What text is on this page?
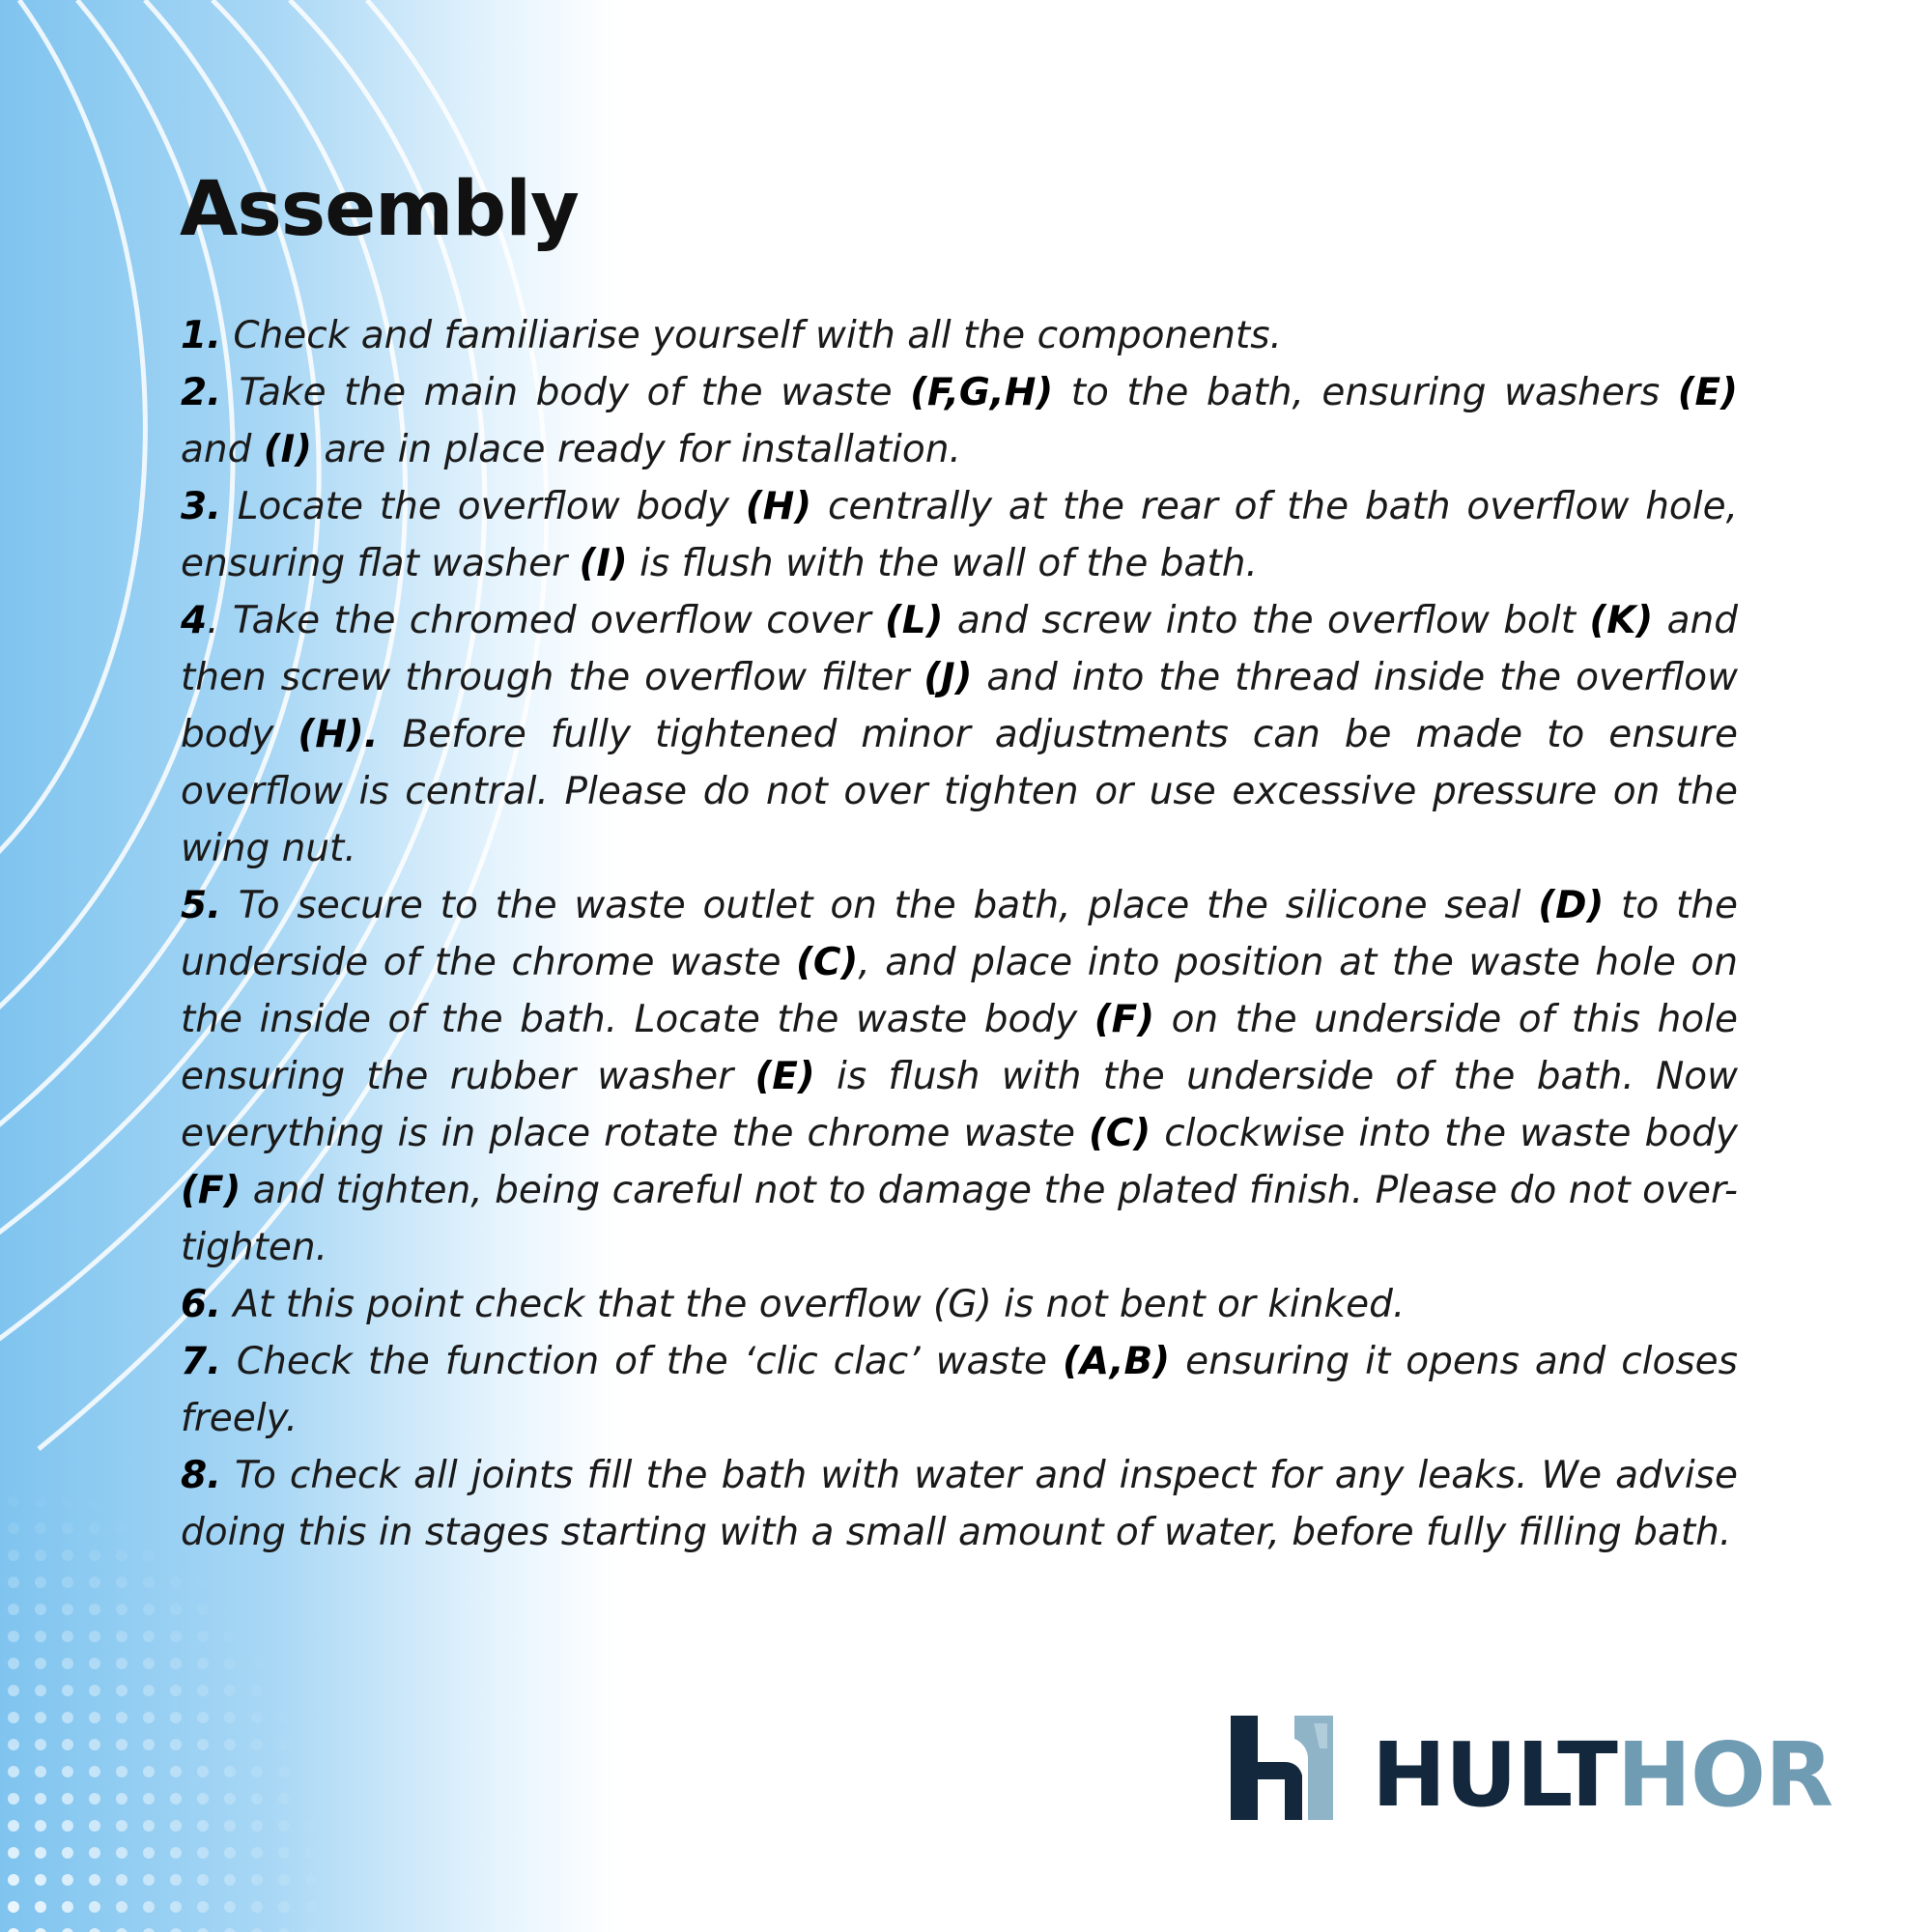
Assembly

1. Check and familiarise yourself with all the components.

2. Take the main body of the waste (F,G,H) to the bath, ensuring washers (E) and (I) are in place ready for installation.

3. Locate the overflow body (H) centrally at the rear of the bath overflow hole, ensuring flat washer (I) is flush with the wall of the bath.

4. Take the chromed overflow cover (L) and screw into the overflow bolt (K) and then screw through the overflow filter (J) and into the thread inside the overflow body (H). Before fully tightened minor adjustments can be made to ensure overflow is central. Please do not over tighten or use excessive pressure on the wing nut.

5. To secure to the waste outlet on the bath, place the silicone seal (D) to the underside of the chrome waste (C), and place into position at the waste hole on the inside of the bath. Locate the waste body (F) on the underside of this hole ensuring the rubber washer (E) is flush with the underside of the bath. Now everything is in place rotate the chrome waste (C) clockwise into the waste body (F) and tighten, being careful not to damage the plated finish. Please do not over-tighten.

6. At this point check that the overflow (G) is not bent or kinked.

7. Check the function of the ‘clic clac’ waste (A,B) ensuring it opens and closes freely.

8. To check all joints fill the bath with water and inspect for any leaks. We advise doing this in stages starting with a small amount of water, before fully filling bath.

HULTHOR
